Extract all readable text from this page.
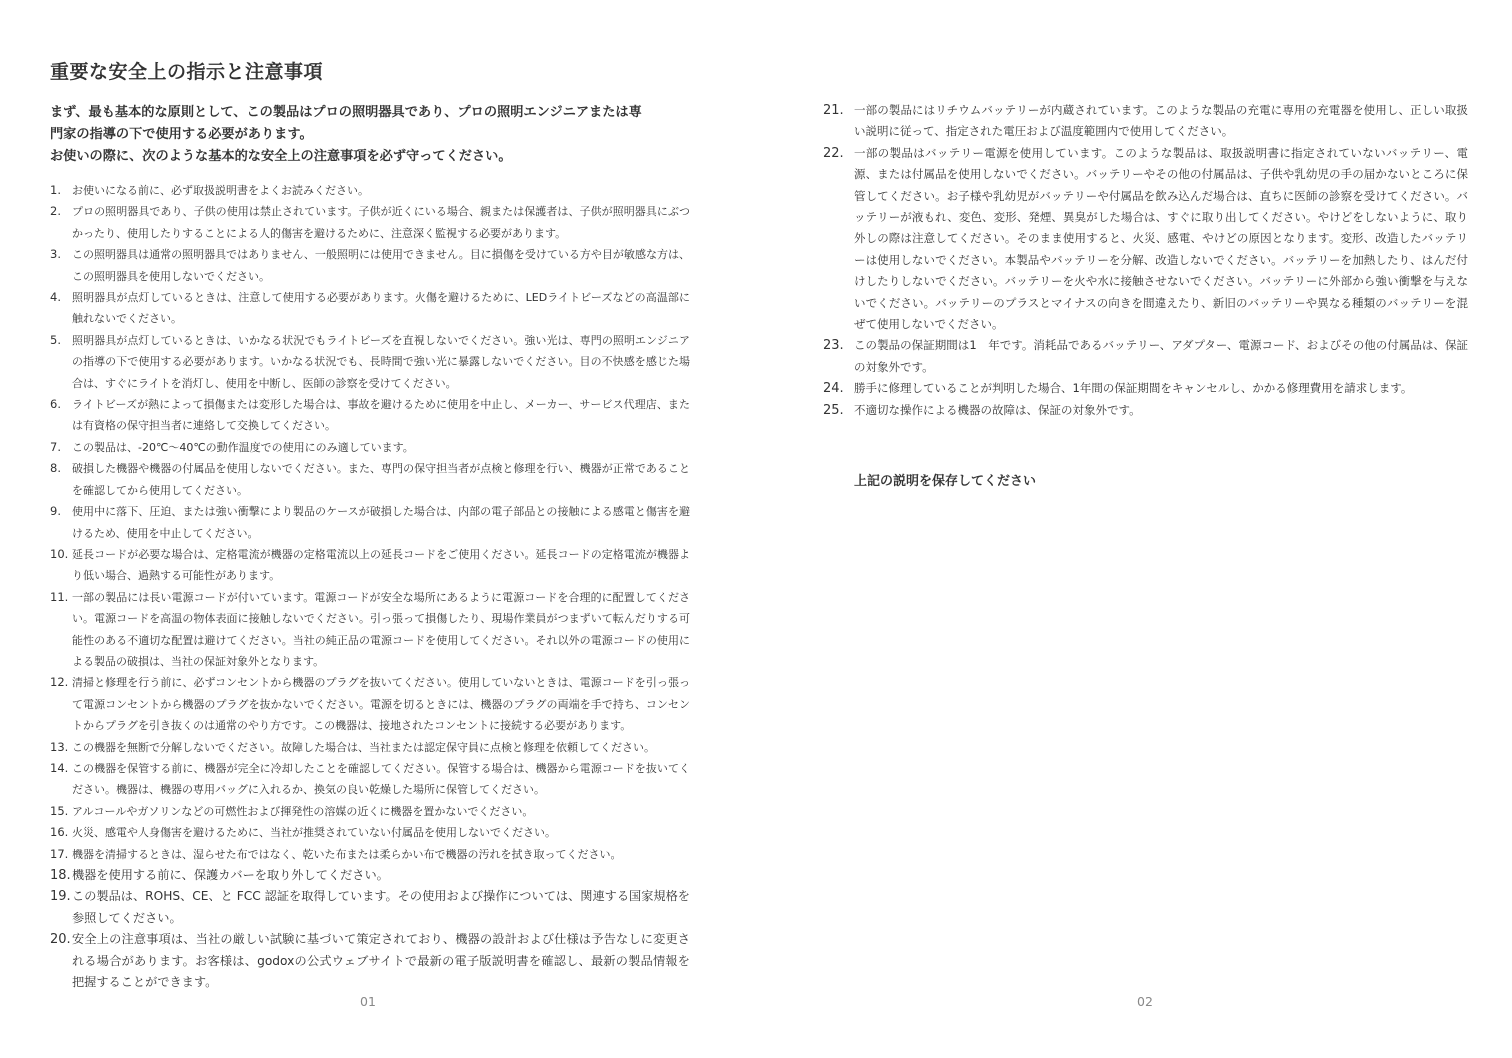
重要な安全上の指示と注意事項
まず、最も基本的な原則として、この製品はプロの照明器具であり、プロの照明エンジニアまたは専
門家の指導の下で使用する必要があります。
お使いの際に、次のような基本的な安全上の注意事項を必ず守ってください。
1.	お使いになる前に、必ず取扱説明書をよくお読みください。
2.	プロの照明器具であり、子供の使用は禁止されています。子供が近くにいる場合、親または保護者は、子供が照明器具にぶつかったり、使用したりすることによる人的傷害を避けるために、注意深く監視する必要があります。
3.	この照明器具は通常の照明器具ではありません、一般照明には使用できません。目に損傷を受けている方や目が敏感な方は、この照明器具を使用しないでください。
4.	照明器具が点灯しているときは、注意して使用する必要があります。火傷を避けるために、LEDライトビーズなどの高温部に触れないでください。
5.	照明器具が点灯しているときは、いかなる状況でもライトビーズを直視しないでください。強い光は、専門の照明エンジニアの指導の下で使用する必要があります。いかなる状況でも、長時間で強い光に暴露しないでください。目の不快感を感じた場合は、すぐにライトを消灯し、使用を中断し、医師の診察を受けてください。
6.	ライトビーズが熱によって損傷または変形した場合は、事故を避けるために使用を中止し、メーカー、サービス代理店、または有資格の保守担当者に連絡して交換してください。
7.	この製品は、-20℃～40℃の動作温度での使用にのみ適しています。
8.	破損した機器や機器の付属品を使用しないでください。また、専門の保守担当者が点検と修理を行い、機器が正常であることを確認してから使用してください。
9.	使用中に落下、圧迫、または強い衝撃により製品のケースが破損した場合は、内部の電子部品との接触による感電と傷害を避けるため、使用を中止してください。
10. 延長コードが必要な場合は、定格電流が機器の定格電流以上の延長コードをご使用ください。延長コードの定格電流が機器より低い場合、過熱する可能性があります。
11. 一部の製品には長い電源コードが付いています。電源コードが安全な場所にあるように電源コードを合理的に配置してください。電源コードを高温の物体表面に接触しないでください。引っ張って損傷したり、現場作業員がつまずいて転んだりする可能性のある不適切な配置は避けてください。当社の純正品の電源コードを使用してください。それ以外の電源コードの使用による製品の破損は、当社の保証対象外となります。
12. 清掃と修理を行う前に、必ずコンセントから機器のプラグを抜いてください。使用していないときは、電源コードを引っ張って電源コンセントから機器のプラグを抜かないでください。電源を切るときには、機器のプラグの両端を手で持ち、コンセントからプラグを引き抜くのは通常のやり方です。この機器は、接地されたコンセントに接続する必要があります。
13. この機器を無断で分解しないでください。故障した場合は、当社または認定保守員に点検と修理を依頼してください。
14. この機器を保管する前に、機器が完全に冷却したことを確認してください。保管する場合は、機器から電源コードを抜いてください。機器は、機器の専用バッグに入れるか、換気の良い乾燥した場所に保管してください。
15. アルコールやガソリンなどの可燃性および揮発性の溶媒の近くに機器を置かないでください。
16. 火災、感電や人身傷害を避けるために、当社が推奨されていない付属品を使用しないでください。
17. 機器を清掃するときは、湿らせた布ではなく、乾いた布または柔らかい布で機器の汚れを拭き取ってください。
18. 機器を使用する前に、保護カバーを取り外してください。
19. この製品は、ROHS、CE、と FCC 認証を取得しています。その使用および操作については、関連する国家規格を参照してください。
20. 安全上の注意事項は、当社の厳しい試験に基づいて策定されており、機器の設計および仕様は予告なしに変更される場合があります。お客様は、godoxの公式ウェブサイトで最新の電子版説明書を確認し、最新の製品情報を把握することができます。
01
21. 一部の製品にはリチウムバッテリーが内蔵されています。このような製品の充電に専用の充電器を使用し、正しい取扱い説明に従って、指定された電圧および温度範囲内で使用してください。
22. 一部の製品はバッテリー電源を使用しています。このような製品は、取扱説明書に指定されていないバッテリー、電源、または付属品を使用しないでください。バッテリーやその他の付属品は、子供や乳幼児の手の届かないところに保管してください。お子様や乳幼児がバッテリーや付属品を飲み込んだ場合は、直ちに医師の診察を受けてください。バッテリーが液もれ、変色、変形、発煙、異臭がした場合は、すぐに取り出してください。やけどをしないように、取り外しの際は注意してください。そのまま使用すると、火災、感電、やけどの原因となります。変形、改造したバッテリーは使用しないでください。本製品やバッテリーを分解、改造しないでください。バッテリーを加熱したり、はんだ付けしたりしないでください。バッテリーを火や水に接触させないでください。バッテリーに外部から強い衝撃を与えないでください。バッテリーのプラスとマイナスの向きを間違えたり、新旧のバッテリーや異なる種類のバッテリーを混ぜて使用しないでください。
23. この製品の保証期間は1　年です。消耗品であるバッテリー、アダプター、電源コード、およびその他の付属品は、保証の対象外です。
24. 勝手に修理していることが判明した場合、1年間の保証期間をキャンセルし、かかる修理費用を請求します。
25. 不適切な操作による機器の故障は、保証の対象外です。
上記の説明を保存してください
02
